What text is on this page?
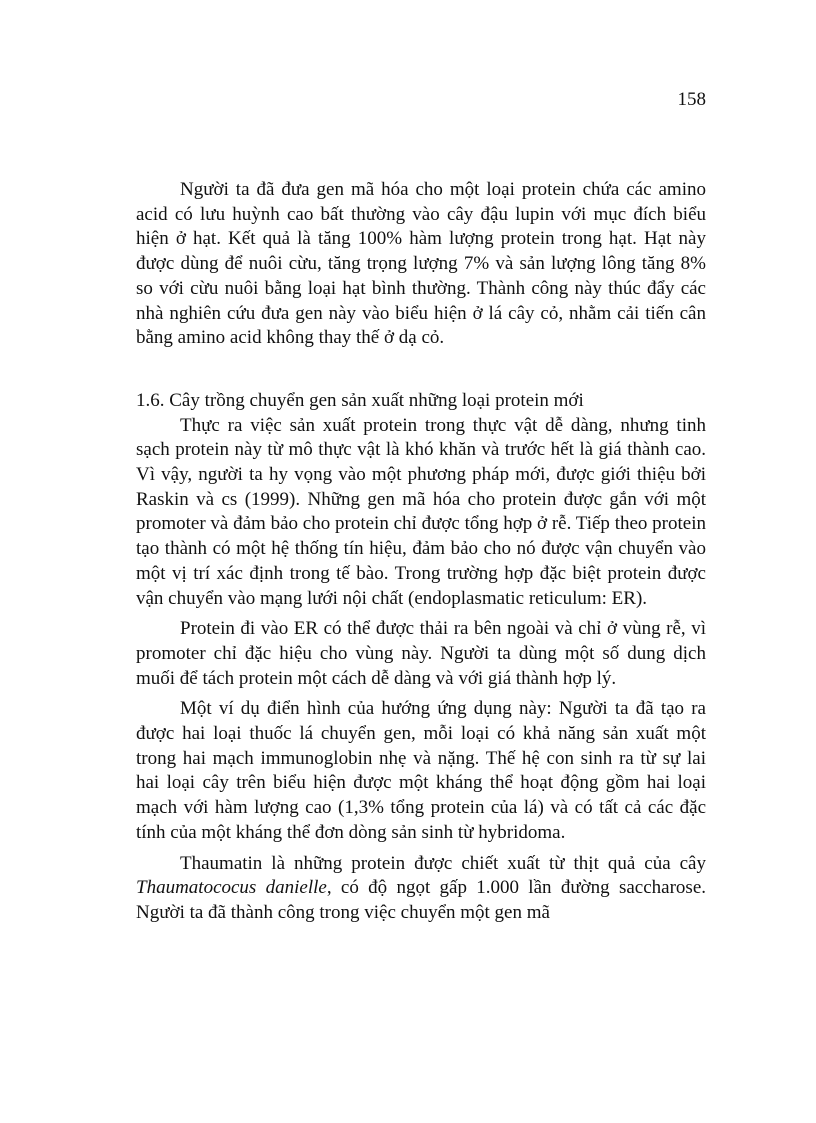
158

Người ta đã đưa gen mã hóa cho một loại protein chứa các amino acid có lưu huỳnh cao bất thường vào cây đậu lupin với mục đích biểu hiện ở hạt. Kết quả là tăng 100% hàm lượng protein trong hạt. Hạt này được dùng để nuôi cừu, tăng trọng lượng 7% và sản lượng lông tăng 8% so với cừu nuôi bằng loại hạt bình thường. Thành công này thúc đẩy các nhà nghiên cứu đưa gen này vào biểu hiện ở lá cây cỏ, nhằm cải tiến cân bằng amino acid không thay thế ở dạ cỏ.

1.6. Cây trồng chuyển gen sản xuất những loại protein mới

Thực ra việc sản xuất protein trong thực vật dễ dàng, nhưng tinh sạch protein này từ mô thực vật là khó khăn và trước hết là giá thành cao. Vì vậy, người ta hy vọng vào một phương pháp mới, được giới thiệu bởi Raskin và cs (1999). Những gen mã hóa cho protein được gắn với một promoter và đảm bảo cho protein chỉ được tổng hợp ở rễ. Tiếp theo protein tạo thành có một hệ thống tín hiệu, đảm bảo cho nó được vận chuyển vào một vị trí xác định trong tế bào. Trong trường hợp đặc biệt protein được vận chuyển vào mạng lưới nội chất (endoplasmatic reticulum: ER).

Protein đi vào ER có thể được thải ra bên ngoài và chỉ ở vùng rễ, vì promoter chỉ đặc hiệu cho vùng này. Người ta dùng một số dung dịch muối để tách protein một cách dễ dàng và với giá thành hợp lý.

Một ví dụ điển hình của hướng ứng dụng này: Người ta đã tạo ra được hai loại thuốc lá chuyển gen, mỗi loại có khả năng sản xuất một trong hai mạch immunoglobin nhẹ và nặng. Thế hệ con sinh ra từ sự lai hai loại cây trên biểu hiện được một kháng thể hoạt động gồm hai loại mạch với hàm lượng cao (1,3% tổng protein của lá) và có tất cả các đặc tính của một kháng thể đơn dòng sản sinh từ hybridoma.

Thaumatin là những protein được chiết xuất từ thịt quả của cây Thaumatococus danielle, có độ ngọt gấp 1.000 lần đường saccharose. Người ta đã thành công trong việc chuyển một gen mã
